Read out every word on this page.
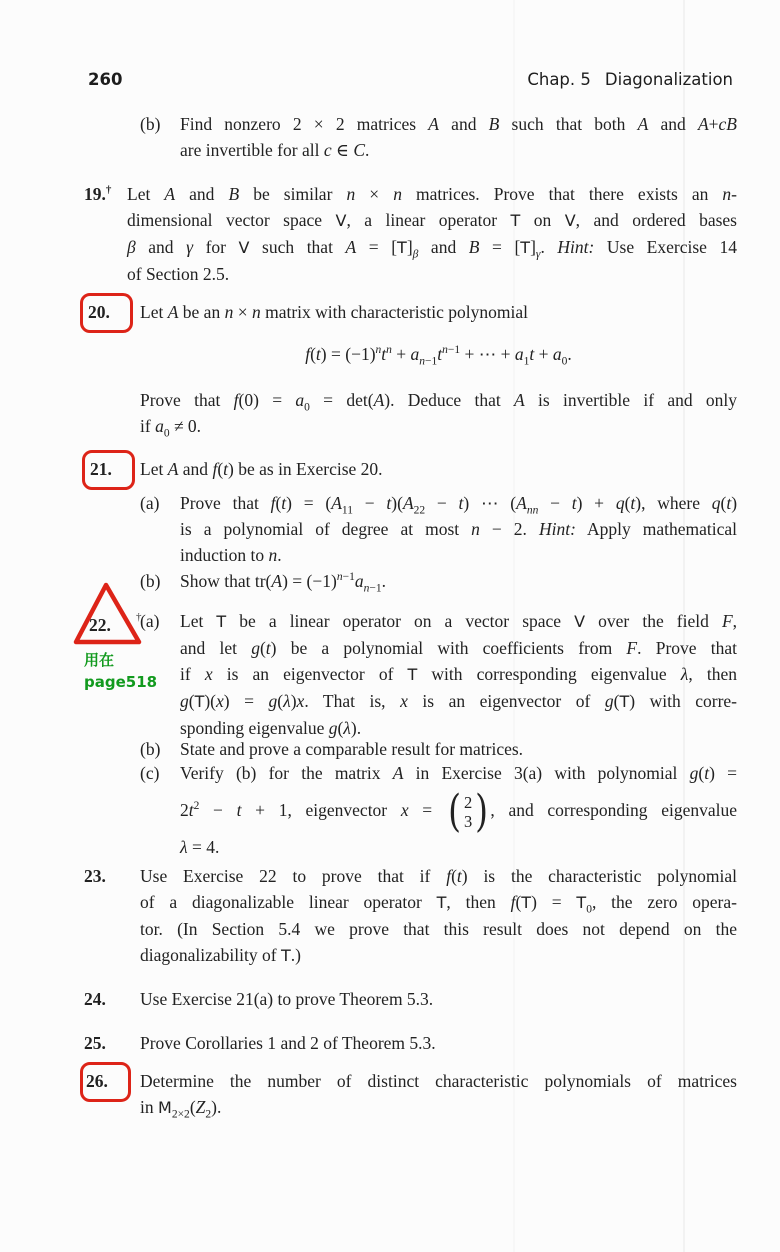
260	Chap. 5 Diagonalization
(b) Find nonzero 2 × 2 matrices A and B such that both A and A+cB
are invertible for all c ∈ C.
19.† Let A and B be similar n × n matrices. Prove that there exists an n-
dimensional vector space V, a linear operator T on V, and ordered bases
β and γ for V such that $A = [T]_\beta$ and $B = [T]_\gamma$. Hint: Use Exercise 14
of Section 2.5.
20. Let A be an n × n matrix with characteristic polynomial
$f(t) = (-1)^nt^n + a_{n-1}t^{n-1}$ + ⋯ + $a_1t + a_0$.
Prove that $f(0) = a_0 = \det(A)$. Deduce that A is invertible if and only
if $a_0 \ne 0$.
21. Let A and f(t) be as in Exercise 20.
(a) Prove that $f(t) = (A_{11} - t)(A_{22} - t)$ ⋯ $(A_{nn} - t) + q(t)$, where q(t)
is a polynomial of degree at most n − 2. Hint: Apply mathematical
induction to n.
(b) Show that $tr(A) = (-1)^{n-1}a_{n-1}$.
22. †
用在
page518
(a) Let T be a linear operator on a vector space V over the field F,
and let g(t) be a polynomial with coefficients from F. Prove that
if x is an eigenvector of T with corresponding eigenvalue λ, then
g(T)(x) = g(λ)x. That is, x is an eigenvector of g(T) with corre-
sponding eigenvalue g(λ).
(b) State and prove a comparable result for matrices.
(c) Verify (b) for the matrix A in Exercise 3(a) with polynomial g(t) =
$2t^2 - t + 1$, eigenvector x = ( 2
3 ) , and corresponding eigenvalue
λ = 4.
23. Use Exercise 22 to prove that if f(t) is the characteristic polynomial
of a diagonalizable linear operator T, then $f(T) = T_0$, the zero opera-
tor. (In Section 5.4 we prove that this result does not depend on the
diagonalizability of T.)
24. Use Exercise 21(a) to prove Theorem 5.3.
25. Prove Corollaries 1 and 2 of Theorem 5.3.
26. Determine the number of distinct characteristic polynomials of matrices
in $M_{2\times 2}(Z_2)$.
